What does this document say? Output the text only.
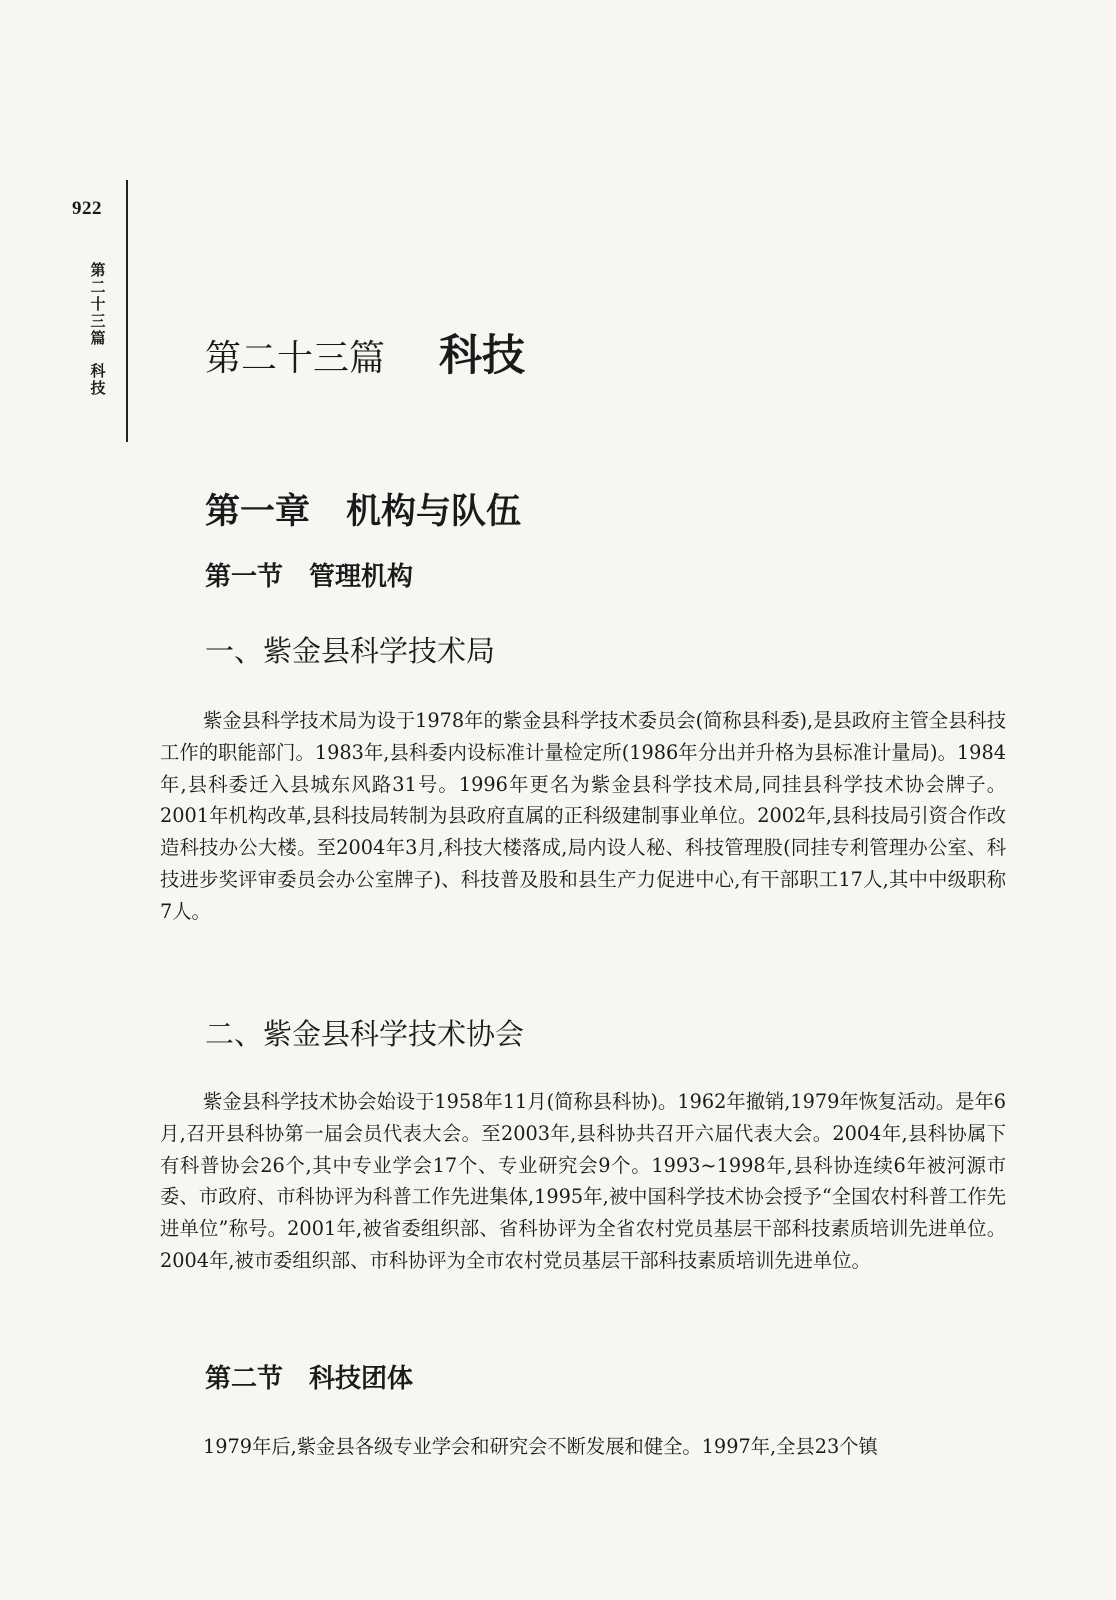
922
第二十三篇
科技
第二十三篇 科技
第一章 机构与队伍
第一节 管理机构
一、紫金县科学技术局

紫金县科学技术局为设于1978年的紫金县科学技术委员会(简称县科委),是县政府主管全县科技工作的职能部门。1983年,县科委内设标准计量检定所(1986年分出并升格为县标准计量局)。1984年,县科委迁入县城东风路31号。1996年更名为紫金县科学技术局,同挂县科学技术协会牌子。2001年机构改革,县科技局转制为县政府直属的正科级建制事业单位。2002年,县科技局引资合作改造科技办公大楼。至2004年3月,科技大楼落成,局内设人秘、科技管理股(同挂专利管理办公室、科技进步奖评审委员会办公室牌子)、科技普及股和县生产力促进中心,有干部职工17人,其中中级职称7人。

二、紫金县科学技术协会

紫金县科学技术协会始设于1958年11月(简称县科协)。1962年撤销,1979年恢复活动。是年6月,召开县科协第一届会员代表大会。至2003年,县科协共召开六届代表大会。2004年,县科协属下有科普协会26个,其中专业学会17个、专业研究会9个。1993~1998年,县科协连续6年被河源市委、市政府、市科协评为科普工作先进集体,1995年,被中国科学技术协会授予“全国农村科普工作先进单位”称号。2001年,被省委组织部、省科协评为全省农村党员基层干部科技素质培训先进单位。2004年,被市委组织部、市科协评为全市农村党员基层干部科技素质培训先进单位。

第二节 科技团体

1979年后,紫金县各级专业学会和研究会不断发展和健全。1997年,全县23个镇
